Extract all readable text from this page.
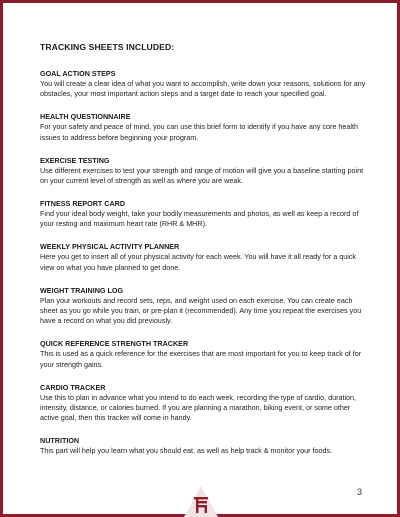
TRACKING SHEETS INCLUDED:

GOAL ACTION STEPS

You will create a clear idea of what you want to accomplish, write down your reasons, solutions for any obstacles, your most important action steps and a target date to reach your specified goal.

HEALTH QUESTIONNAIRE

For your safety and peace of mind, you can use this brief form to identify if you have any core health issues to address before beginning your program.

EXERCISE TESTING

Use different exercises to test your strength and range of motion will give you a baseline starting point on your current level of strength as well as where you are weak.

FITNESS REPORT CARD

Find your ideal body weight, take your bodily measurements and photos, as well as keep a record of your resting and maximum heart rate (RHR & MHR).

WEEKLY PHYSICAL ACTIVITY PLANNER

Here you get to insert all of your physical activity for each week. You will have it all ready for a quick view on what you have planned to get done.

WEIGHT TRAINING LOG

Plan your workouts and record sets, reps, and weight used on each exercise. You can create each sheet as you go while you train, or pre-plan it (recommended). Any time you repeat the exercises you have a record on what you did previously.

QUICK REFERENCE STRENGTH TRACKER

This is used as a quick reference for the exercises that are most important for you to keep track of for your strength gains.

CARDIO TRACKER

Use this to plan in advance what you intend to do each week, recording the type of cardio, duration, intensity, distance, or calories burned. If you are planning a marathon, biking event, or some other active goal, then this tracker will come in handy.

NUTRITION

This part will help you learn what you should eat, as well as help track & monitor your foods.

3
